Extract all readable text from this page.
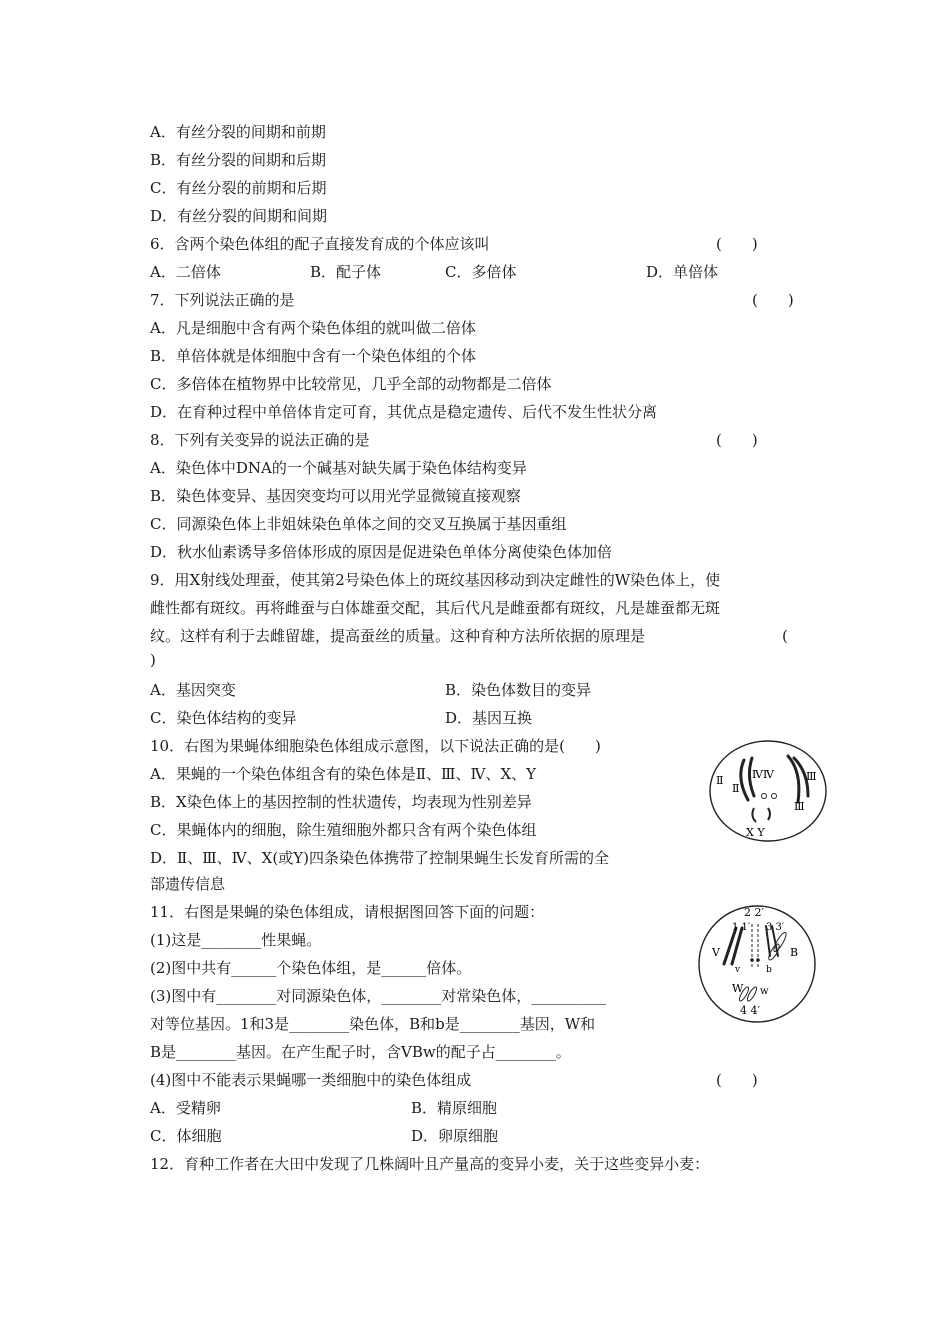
A．有丝分裂的间期和前期
B．有丝分裂的间期和后期
C．有丝分裂的前期和后期
D．有丝分裂的间期和间期
6．含两个染色体组的配子直接发育成的个体应该叫	(　　)
A．二倍体	B．配子体	C．多倍体	D．单倍体
7．下列说法正确的是	(　　)
A．凡是细胞中含有两个染色体组的就叫做二倍体
B．单倍体就是体细胞中含有一个染色体组的个体
C．多倍体在植物界中比较常见，几乎全部的动物都是二倍体
D．在育种过程中单倍体肯定可育，其优点是稳定遗传、后代不发生性状分离
8．下列有关变异的说法正确的是	(　　)
A．染色体中DNA的一个碱基对缺失属于染色体结构变异
B．染色体变异、基因突变均可以用光学显微镜直接观察
C．同源染色体上非姐妹染色单体之间的交叉互换属于基因重组
D．秋水仙素诱导多倍体形成的原因是促进染色单体分离使染色体加倍
9．用X射线处理蚕，使其第2号染色体上的斑纹基因移动到决定雌性的W染色体上，使
雌性都有斑纹。再将雌蚕与白体雄蚕交配，其后代凡是雌蚕都有斑纹，凡是雄蚕都无斑
纹。这样有利于去雌留雄，提高蚕丝的质量。这种育种方法所依据的原理是	(
)
A．基因突变	B．染色体数目的变异
C．染色体结构的变异	D．基因互换
10．右图为果蝇体细胞染色体组成示意图，以下说法正确的是(　　)
A．果蝇的一个染色体组含有的染色体是Ⅱ、Ⅲ、Ⅳ、X、Y
B．X染色体上的基因控制的性状遗传，均表现为性别差异
C．果蝇体内的细胞，除生殖细胞外都只含有两个染色体组
D．Ⅱ、Ⅲ、Ⅳ、X(或Y)四条染色体携带了控制果蝇生长发育所需的全
部遗传信息
Ⅱ
Ⅱ
ⅣⅣ	Ⅲ
Ⅲ
X Y
11．右图是果蝇的染色体组成，请根据图回答下面的问题：
(1)这是________性果蝇。
(2)图中共有______个染色体组，是______倍体。
(3)图中有________对同源染色体，________对常染色体，__________
对等位基因。1和3是________染色体，B和b是________基因，W和
B是________基因。在产生配子时，含VBw的配子占________。
(4)图中不能表示果蝇哪一类细胞中的染色体组成	(　　)
A．受精卵	B．精原细胞
C．体细胞	D．卵原细胞
2 2′
1 1′ 3 3′
V
v
B
b
W w
4 4′
12．育种工作者在大田中发现了几株阔叶且产量高的变异小麦，关于这些变异小麦：
